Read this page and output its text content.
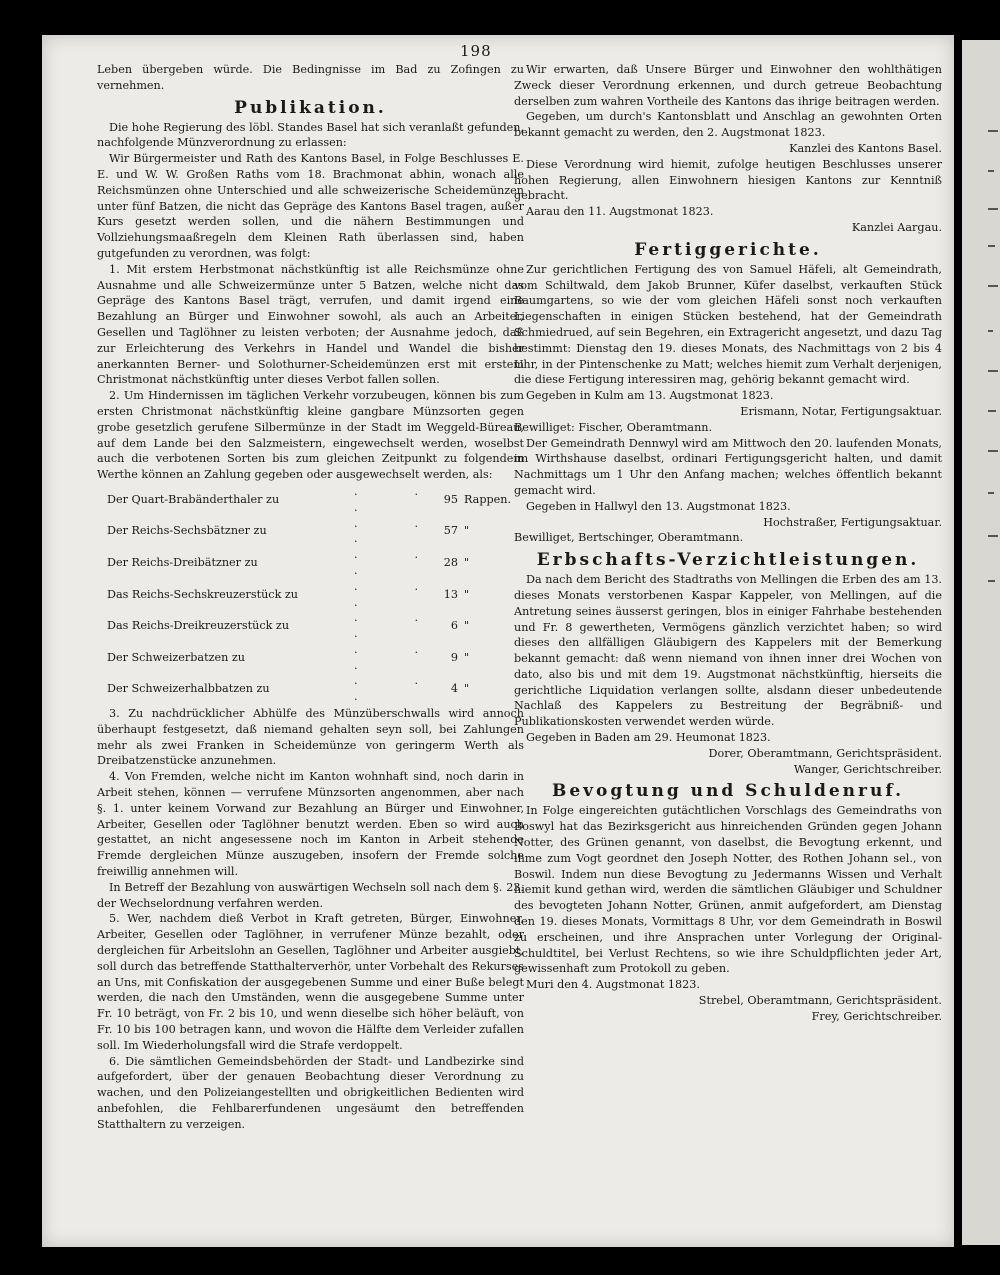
198

Leben übergeben würde. Die Bedingnisse im Bad zu Zofingen zu vernehmen.

Publikation.

Die hohe Regierung des löbl. Standes Basel hat sich veranlaßt gefunden, nachfolgende Münzverordnung zu erlassen:

Wir Bürgermeister und Rath des Kantons Basel, in Folge Beschlusses E. E. und W. W. Großen Raths vom 18. Brachmonat abhin, wonach alle Reichsmünzen ohne Unterschied und alle schweizerische Scheidemünzen unter fünf Batzen, die nicht das Gepräge des Kantons Basel tragen, außer Kurs gesetzt werden sollen, und die nähern Bestimmungen und Vollziehungsmaaßregeln dem Kleinen Rath überlassen sind, haben gutgefunden zu verordnen, was folgt:

1. Mit erstem Herbstmonat nächstkünftig ist alle Reichsmünze ohne Ausnahme und alle Schweizermünze unter 5 Batzen, welche nicht das Gepräge des Kantons Basel trägt, verrufen, und damit irgend eine Bezahlung an Bürger und Einwohner sowohl, als auch an Arbeiter, Gesellen und Taglöhner zu leisten verboten; der Ausnahme jedoch, daß zur Erleichterung des Verkehrs in Handel und Wandel die bisher anerkannten Berner- und Solothurner-Scheidemünzen erst mit erstem Christmonat nächstkünftig unter dieses Verbot fallen sollen.

2. Um Hindernissen im täglichen Verkehr vorzubeugen, können bis zum ersten Christmonat nächstkünftig kleine gangbare Münzsorten gegen grobe gesetzlich gerufene Silbermünze in der Stadt im Weggeld-Büreau, auf dem Lande bei den Salzmeistern, eingewechselt werden, woselbst auch die verbotenen Sorten bis zum gleichen Zeitpunkt zu folgendem Werthe können an Zahlung gegeben oder ausgewechselt werden, als:

Der Quart-Brabänderthaler zu	. . .	95	Rappen.
Der Reichs-Sechsbätzner zu	. . .	57	"
Der Reichs-Dreibätzner zu	. . .	28	"
Das Reichs-Sechskreuzerstück zu	. . .	13	"
Das Reichs-Dreikreuzerstück zu	. . .	6	"
Der Schweizerbatzen zu	. . .	9	"
Der Schweizerhalbbatzen zu	. . .	4	"

3. Zu nachdrücklicher Abhülfe des Münzüberschwalls wird annoch überhaupt festgesetzt, daß niemand gehalten seyn soll, bei Zahlungen mehr als zwei Franken in Scheidemünze von geringerm Werth als Dreibatzenstücke anzunehmen.

4. Von Fremden, welche nicht im Kanton wohnhaft sind, noch darin in Arbeit stehen, können — verrufene Münzsorten angenommen, aber nach §. 1. unter keinem Vorwand zur Bezahlung an Bürger und Einwohner, Arbeiter, Gesellen oder Taglöhner benutzt werden. Eben so wird auch gestattet, an nicht angesessene noch im Kanton in Arbeit stehende Fremde dergleichen Münze auszugeben, insofern der Fremde solche freiwillig annehmen will.

In Betreff der Bezahlung von auswärtigen Wechseln soll nach dem §. 23. der Wechselordnung verfahren werden.

5. Wer, nachdem dieß Verbot in Kraft getreten, Bürger, Einwohner, Arbeiter, Gesellen oder Taglöhner, in verrufener Münze bezahlt, oder dergleichen für Arbeitslohn an Gesellen, Taglöhner und Arbeiter ausgiebt, soll durch das betreffende Statthalterverhör, unter Vorbehalt des Rekurses an Uns, mit Confiskation der ausgegebenen Summe und einer Buße belegt werden, die nach den Umständen, wenn die ausgegebene Summe unter Fr. 10 beträgt, von Fr. 2 bis 10, und wenn dieselbe sich höher beläuft, von Fr. 10 bis 100 betragen kann, und wovon die Hälfte dem Verleider zufallen soll. Im Wiederholungsfall wird die Strafe verdoppelt.

6. Die sämtlichen Gemeindsbehörden der Stadt- und Landbezirke sind aufgefordert, über der genauen Beobachtung dieser Verordnung zu wachen, und den Polizeiangestellten und obrigkeitlichen Bedienten wird anbefohlen, die Fehlbarerfundenen ungesäumt den betreffenden Statthaltern zu verzeigen.

Wir erwarten, daß Unsere Bürger und Einwohner den wohlthätigen Zweck dieser Verordnung erkennen, und durch getreue Beobachtung derselben zum wahren Vortheile des Kantons das ihrige beitragen werden.

Gegeben, um durch's Kantonsblatt und Anschlag an gewohnten Orten bekannt gemacht zu werden, den 2. Augstmonat 1823.

Kanzlei des Kantons Basel.

Diese Verordnung wird hiemit, zufolge heutigen Beschlusses unserer hohen Regierung, allen Einwohnern hiesigen Kantons zur Kenntniß gebracht.

Aarau den 11. Augstmonat 1823.

Kanzlei Aargau.

Fertiggerichte.

Zur gerichtlichen Fertigung des von Samuel Häfeli, alt Gemeindrath, vom Schiltwald, dem Jakob Brunner, Küfer daselbst, verkauften Stück Baumgartens, so wie der vom gleichen Häfeli sonst noch verkauften Liegenschaften in einigen Stücken bestehend, hat der Gemeindrath Schmiedrued, auf sein Begehren, ein Extragericht angesetzt, und dazu Tag bestimmt: Dienstag den 19. dieses Monats, des Nachmittags von 2 bis 4 Uhr, in der Pintenschenke zu Matt; welches hiemit zum Verhalt derjenigen, die diese Fertigung interessiren mag, gehörig bekannt gemacht wird.

Gegeben in Kulm am 13. Augstmonat 1823.

Erismann, Notar, Fertigungsaktuar.

Bewilliget: Fischer, Oberamtmann.

Der Gemeindrath Dennwyl wird am Mittwoch den 20. laufenden Monats, im Wirthshause daselbst, ordinari Fertigungsgericht halten, und damit Nachmittags um 1 Uhr den Anfang machen; welches öffentlich bekannt gemacht wird.

Gegeben in Hallwyl den 13. Augstmonat 1823.

Hochstraßer, Fertigungsaktuar.

Bewilliget, Bertschinger, Oberamtmann.

Erbschafts-Verzichtleistungen.

Da nach dem Bericht des Stadtraths von Mellingen die Erben des am 13. dieses Monats verstorbenen Kaspar Kappeler, von Mellingen, auf die Antretung seines äusserst geringen, blos in einiger Fahrhabe bestehenden und Fr. 8 gewertheten, Vermögens gänzlich verzichtet haben; so wird dieses den allfälligen Gläubigern des Kappelers mit der Bemerkung bekannt gemacht: daß wenn niemand von ihnen inner drei Wochen von dato, also bis und mit dem 19. Augstmonat nächstkünftig, hierseits die gerichtliche Liquidation verlangen sollte, alsdann dieser unbedeutende Nachlaß des Kappelers zu Bestreitung der Begräbniß- und Publikationskosten verwendet werden würde.

Gegeben in Baden am 29. Heumonat 1823.

Dorer, Oberamtmann, Gerichtspräsident.

Wanger, Gerichtschreiber.

Bevogtung und Schuldenruf.

In Folge eingereichten gutächtlichen Vorschlags des Gemeindraths von Boswyl hat das Bezirksgericht aus hinreichenden Gründen gegen Johann Notter, des Grünen genannt, von daselbst, die Bevogtung erkennt, und ihme zum Vogt geordnet den Joseph Notter, des Rothen Johann sel., von Boswil. Indem nun diese Bevogtung zu Jedermanns Wissen und Verhalt hiemit kund gethan wird, werden die sämtlichen Gläubiger und Schuldner des bevogteten Johann Notter, Grünen, anmit aufgefordert, am Dienstag den 19. dieses Monats, Vormittags 8 Uhr, vor dem Gemeindrath in Boswil zu erscheinen, und ihre Ansprachen unter Vorlegung der Original-Schuldtitel, bei Verlust Rechtens, so wie ihre Schuldpflichten jeder Art, gewissenhaft zum Protokoll zu geben.

Muri den 4. Augstmonat 1823.

Strebel, Oberamtmann, Gerichtspräsident.

Frey, Gerichtschreiber.
